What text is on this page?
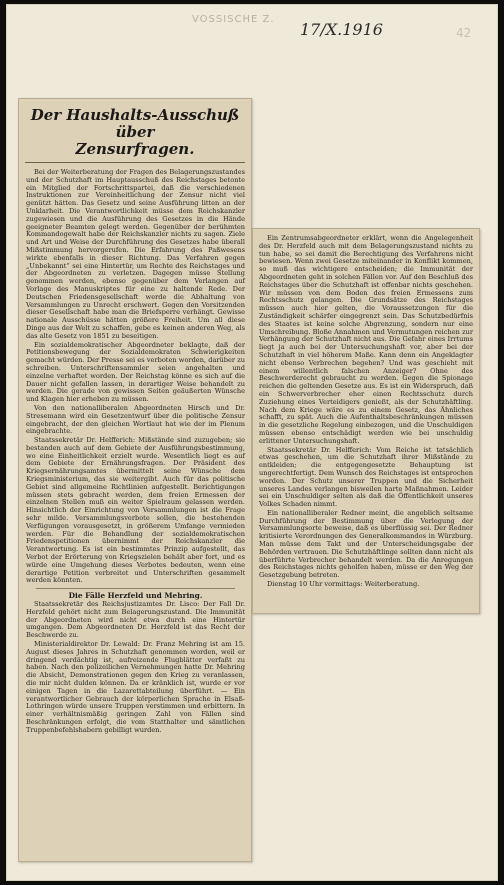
VOSSISCHE Z.
17/X.1916	42
Der Haushalts-Ausschuß über
Zensurfragen.

Bei der Weiterberatung der Fragen des Belagerungszustandes und der Schutzhaft im Hauptausschuß des Reichstages betonte ein Mitglied der Fortschrittspartei, daß die verschiedenen Instruktionen zur Vereinheitlichung der Zensur nicht viel genützt hätten. Das Gesetz und seine Ausführung litten an der Unklarheit. Die Verantwortlichkeit müsse dem Reichskanzler zugewiesen und die Ausführung des Gesetzes in die Hände geeigneter Beamten gelegt werden. Gegenüber der berühmten Kommandogewalt habe der Reichskanzler nichts zu sagen. Ziele und Art und Weise der Durchführung des Gesetzes habe überall Mißstimmung hervorgerufen. Die Erfahrung des Paßwesens wirkte ebenfalls in dieser Richtung. Das Verfahren gegen „Unbekannt“ sei eine Hintertür, um Rechte des Reichstages und der Abgeordneten zu verletzen. Dagegen müsse Stellung genommen werden, ebenso gegenüber dem Verlangen auf Vorlage des Manuskriptes für eine zu haltende Rede. Der Deutschen Friedensgesellschaft werde die Abhaltung von Versammlungen zu Unrecht erschwert. Gegen den Vorsitzenden dieser Gesellschaft habe man die Briefsperre verhängt. Gewisse nationale Ausschüsse hätten größere Freiheit. Um all diese Dinge aus der Welt zu schaffen, gebe es keinen anderen Weg, als das alte Gesetz von 1851 zu beseitigen.

Ein sozialdemokratischer Abgeordneter beklagte, daß der Petitionsbewegung der Sozialdemokraten Schwierigkeiten gemacht würden. Der Presse sei es verboten worden, darüber zu schreiben. Unterschriftensammler seien angehalten und einzelne verhaftet worden. Der Reichstag könne es sich auf die Dauer nicht gefallen lassen, in derartiger Weise behandelt zu werden. Die gerade von gewissen Seiten geäußerten Wünsche und Klagen hier erheben zu müssen.

Von den nationalliberalen Abgeordneten Hirsch und Dr. Stresemann wird ein Gesetzentwurf über die politische Zensur eingebracht, der den gleichen Wortlaut hat wie der im Plenum eingebrachte.

Staatssekretär Dr. Helfferich: Mißstände sind zuzugeben; sie bestanden auch auf dem Gebiete der Ausführungsbestimmung, wo eine Einheitlichkeit erzielt wurde. Wesentlich liegt es auf dem Gebiete der Ernährungsfragen. Der Präsident des Kriegsernährungsamtes übermittelt seine Wünsche dem Kriegsministerium, das sie weitergibt. Auch für das politische Gebiet sind allgemeine Richtlinien aufgestellt. Berichtigungen müssen stets gebracht werden, dem freien Ermessen der einzelnen Stellen muß ein weiter Spielraum gelassen werden. Hinsichtlich der Einrichtung von Versammlungen ist die Frage sehr milde. Versammlungsverbote sollen, die bestehenden Verfügungen vorausgesetzt, in größerem Umfange vermieden werden. Für die Behandlung der sozialdemokratischen Friedenspetitionen übernimmt der Reichskanzler die Verantwortung. Es ist ein bestimmtes Prinzip aufgestellt, das Verbot der Erörterung von Kriegszielen behält aber fort, und es würde eine Umgehung dieses Verbotes bedeuten, wenn eine derartige Petition verbreitet und Unterschriften gesammelt werden könnten.

Die Fälle Herzfeld und Mehring.

Staatssekretär des Reichsjustizamtes Dr. Lisco: Der Fall Dr. Herzfeld gehört nicht zum Belagerungszustand. Die Immunität der Abgeordneten wird nicht etwa durch eine Hintertür umgangen. Dem Abgeordneten Dr. Herzfeld ist das Recht der Beschwerde zu.

Ministerialdirektor Dr. Lewald: Dr. Franz Mehring ist am 15. August dieses Jahres in Schutzhaft genommen worden, weil er dringend verdächtig ist, aufreizende Flugblätter verfaßt zu haben. Nach den polizeilichen Vernehmungen hatte Dr. Mehring die Absicht, Demonstrationen gegen den Krieg zu veranlassen, die mir nicht dulden können. Da er kränklich ist, wurde er vor einigen Tagen in die Lazarettabteilung überführt. — Ein verantwortlicher Gebrauch der körperlichen Sprache in Elsaß-Lothringen würde unsere Truppen verstimmen und erbittern. In einer verhältnismäßig geringen Zahl von Fällen sind Beschränkungen erfolgt, die vom Statthalter und sämtlichen Truppenbefehlshabern gebilligt wurden.

Ein Zentrumsabgeordneter erklärt, wenn die Angelegenheit des Dr. Herzfeld auch mit dem Belagerungszustand nichts zu tun habe, so sei damit die Berechtigung des Verfahrens nicht bewiesen. Wenn zwei Gesetze miteinander in Konflikt kommen, so muß das wichtigere entscheiden; die Immunität der Abgeordneten geht in solchen Fällen vor. Auf den Beschluß des Reichstages über die Schutzhaft ist offenbar nichts geschehen. Wir müssen von dem Boden des freien Ermessens zum Rechtsschutz gelangen. Die Grundsätze des Reichstages müssen auch hier gelten, die Voraussetzungen für die Zuständigkeit schärfer eingegrenzt sein. Das Schutzbedürfnis des Staates ist keine solche Abgrenzung, sondern nur eine Umschreibung. Bloße Annahmen und Vermutungen reichen zur Verhängung der Schutzhaft nicht aus. Die Gefahr eines Irrtums liegt ja auch bei der Untersuchungshaft vor, aber bei der Schutzhaft in viel höherem Maße. Kann denn ein Angeklagter nicht ebenso Verbrechen begehen? Und was geschieht mit einem willentlich falschen Anzeiger? Ohne des Beschwerderecht gebraucht zu werden. Gegen die Spionage reichen die geltenden Gesetze aus. Es ist ein Widerspruch, daß ein Schwerverbrecher eher einen Rechtsschutz durch Zuziehung eines Verteidigers genießt, als der Schutzhäftling. Nach dem Kriege wäre es zu einem Gesetz, das Ähnliches schafft, zu spät. Auch die Aufenthaltsbeschränkungen müssen in die gesetzliche Regelung einbezogen, und die Unschuldigen müssen ebenso entschädigt werden wie bei unschuldig erlittener Untersuchungshaft.

Staatssekretär Dr. Helfferich: Vom Reiche ist tatsächlich etwas geschehen, um die Schutzhaft ihrer Mißstände zu entkleiden; die entgegengesetzte Behauptung ist ungerechtfertigt. Dem Wunsch des Reichstages ist entsprochen worden. Der Schutz unserer Truppen und die Sicherheit unseres Landes verlangen bisweilen harte Maßnahmen. Leider sei ein Unschuldiger selten als daß die Öffentlichkeit unseres Volkes Schaden nimmt.

Ein nationalliberaler Redner meint, die angeblich seltsame Durchführung der Bestimmung über die Verlegung der Versammlungsorte beweise, daß es überflüssig sei. Der Redner kritisierte Verordnungen des Generalkommandos in Würzburg. Man müsse dem Takt und der Unterscheidungsgabe der Behörden vertrauen. Die Schutzhäftlinge sollten dann nicht als überführte Verbrecher behandelt werden. Da die Anregungen des Reichstages nichts geholfen haben, müsse er den Weg der Gesetzgebung betreten.

Dienstag 10 Uhr vormittags: Weiterberatung.
